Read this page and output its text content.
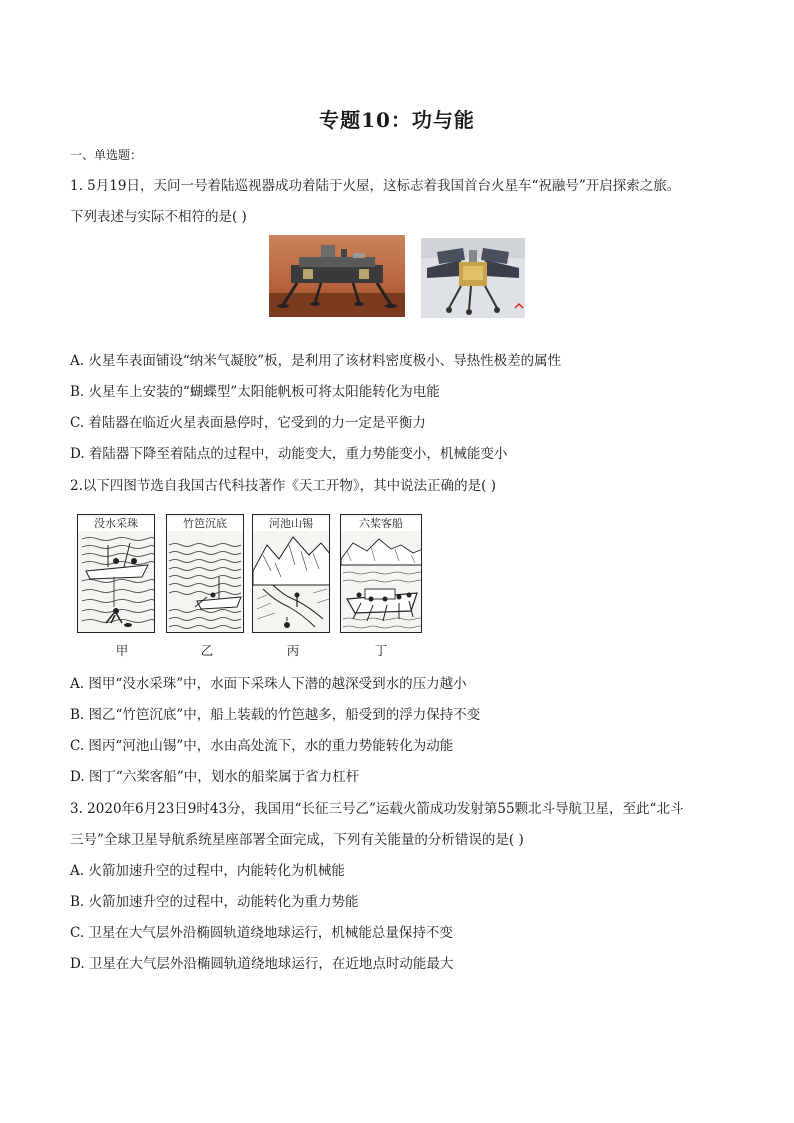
专题10：功与能
一、单选题：
1. 5月19日，天问一号着陆巡视器成功着陆于火屋，这标志着我国首台火星车“祝融号”开启探索之旅。
下列表述与实际不相符的是( )
A. 火星车表面铺设“纳米气凝胶”板，是利用了该材料密度极小、导热性极差的属性
B. 火星车上安装的“蝴蝶型”太阳能帆板可将太阳能转化为电能
C. 着陆器在临近火星表面悬停时，它受到的力一定是平衡力
D. 着陆器下降至着陆点的过程中，动能变大，重力势能变小，机械能变小
2.以下四图节选自我国古代科技著作《天工开物》，其中说法正确的是( )
没水采珠
甲
竹笆沉底
乙
河池山锡
丙
六桨客船
丁
A. 图甲“没水采珠”中，水面下采珠人下潜的越深受到水的压力越小
B. 图乙“竹笆沉底”中，船上装载的竹笆越多，船受到的浮力保持不变
C. 图丙“河池山锡”中，水由高处流下，水的重力势能转化为动能
D. 图丁“六桨客船”中，划水的船桨属于省力杠杆
3. 2020年6月23日9时43分，我国用“长征三号乙”运载火箭成功发射第55颗北斗导航卫星，至此“北斗
三号”全球卫星导航系统星座部署全面完成，下列有关能量的分析错误的是( )
A. 火箭加速升空的过程中，内能转化为机械能
B. 火箭加速升空的过程中，动能转化为重力势能
C. 卫星在大气层外沿椭圆轨道绕地球运行，机械能总量保持不变
D. 卫星在大气层外沿椭圆轨道绕地球运行，在近地点时动能最大
